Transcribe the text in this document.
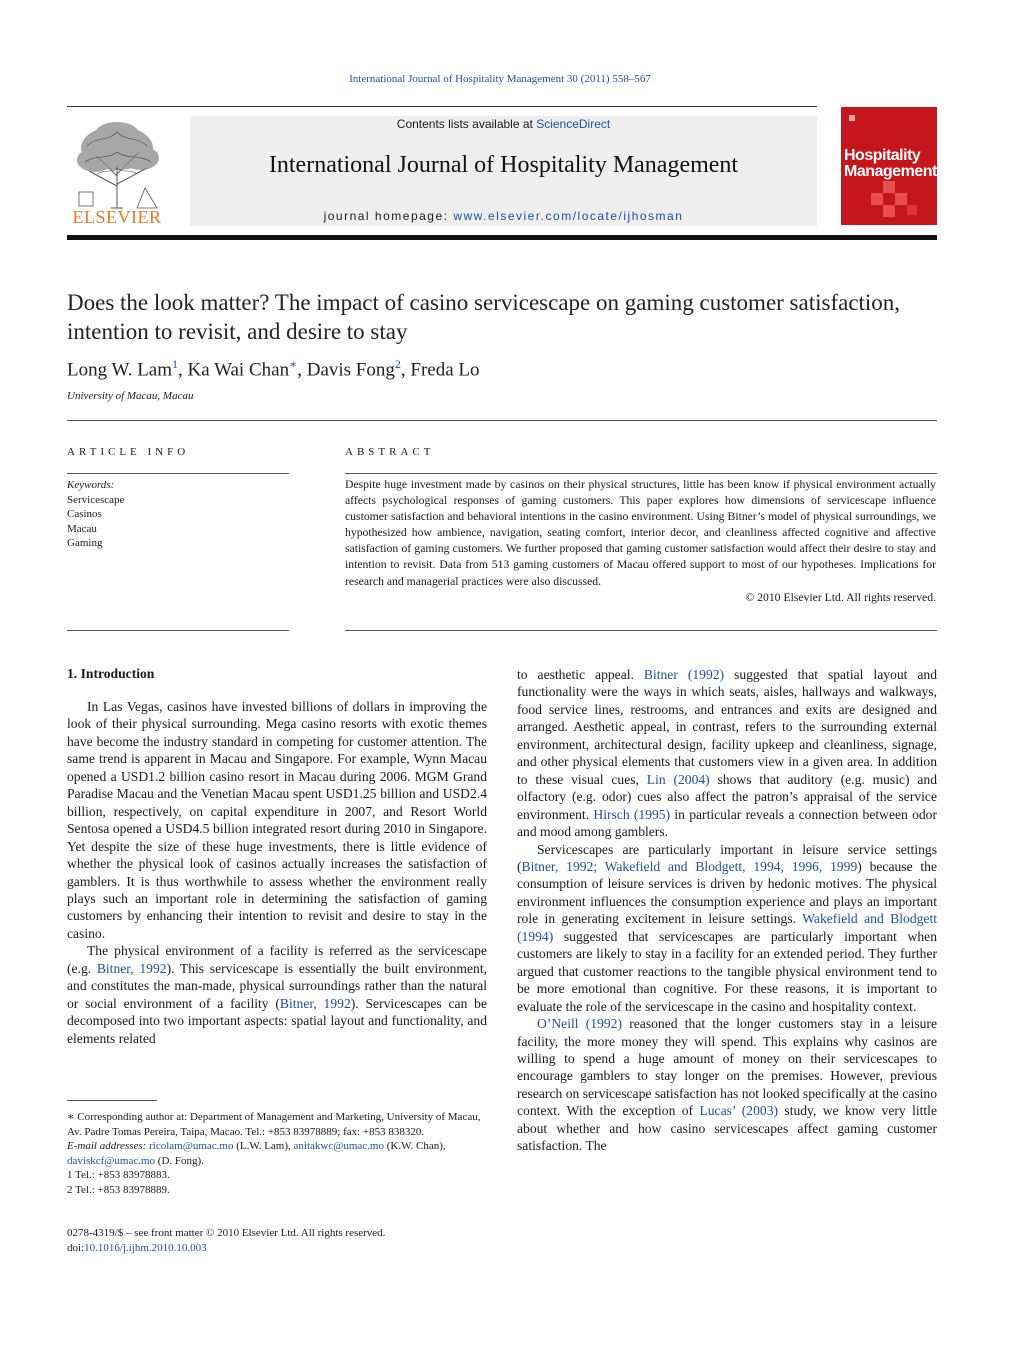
International Journal of Hospitality Management 30 (2011) 558–567
ELSEVIER
Contents lists available at ScienceDirect
International Journal of Hospitality Management
journal homepage: www.elsevier.com/locate/ijhosman
Hospitality
Management
Does the look matter? The impact of casino servicescape on gaming customer satisfaction, intention to revisit, and desire to stay
Long W. Lam$^1$, Ka Wai Chan∗, Davis Fong$^2$, Freda Lo
University of Macau, Macau
ARTICLE INFO	ABSTRACT
Keywords:
Servicescape
Casinos
Macau
Gaming
Despite huge investment made by casinos on their physical structures, little has been know if physical environment actually affects psychological responses of gaming customers. This paper explores how dimensions of servicescape influence customer satisfaction and behavioral intentions in the casino environment. Using Bitner’s model of physical surroundings, we hypothesized how ambience, navigation, seating comfort, interior decor, and cleanliness affected cognitive and affective satisfaction of gaming customers. We further proposed that gaming customer satisfaction would affect their desire to stay and intention to revisit. Data from 513 gaming customers of Macau offered support to most of our hypotheses. Implications for research and managerial practices were also discussed.
© 2010 Elsevier Ltd. All rights reserved.
1. Introduction

In Las Vegas, casinos have invested billions of dollars in improving the look of their physical surrounding. Mega casino resorts with exotic themes have become the industry standard in competing for customer attention. The same trend is apparent in Macau and Singapore. For example, Wynn Macau opened a USD1.2 billion casino resort in Macau during 2006. MGM Grand Paradise Macau and the Venetian Macau spent USD1.25 billion and USD2.4 billion, respectively, on capital expenditure in 2007, and Resort World Sentosa opened a USD4.5 billion integrated resort during 2010 in Singapore. Yet despite the size of these huge investments, there is little evidence of whether the physical look of casinos actually increases the satisfaction of gamblers. It is thus worthwhile to assess whether the environment really plays such an important role in determining the satisfaction of gaming customers by enhancing their intention to revisit and desire to stay in the casino.

The physical environment of a facility is referred as the servicescape (e.g. Bitner, 1992). This servicescape is essentially the built environment, and constitutes the man-made, physical surroundings rather than the natural or social environment of a facility (Bitner, 1992). Servicescapes can be decomposed into two important aspects: spatial layout and functionality, and elements related

to aesthetic appeal. Bitner (1992) suggested that spatial layout and functionality were the ways in which seats, aisles, hallways and walkways, food service lines, restrooms, and entrances and exits are designed and arranged. Aesthetic appeal, in contrast, refers to the surrounding external environment, architectural design, facility upkeep and cleanliness, signage, and other physical elements that customers view in a given area. In addition to these visual cues, Lin (2004) shows that auditory (e.g. music) and olfactory (e.g. odor) cues also affect the patron’s appraisal of the service environment. Hirsch (1995) in particular reveals a connection between odor and mood among gamblers.

Servicescapes are particularly important in leisure service settings (Bitner, 1992; Wakefield and Blodgett, 1994, 1996, 1999) because the consumption of leisure services is driven by hedonic motives. The physical environment influences the consumption experience and plays an important role in generating excitement in leisure settings. Wakefield and Blodgett (1994) suggested that servicescapes are particularly important when customers are likely to stay in a facility for an extended period. They further argued that customer reactions to the tangible physical environment tend to be more emotional than cognitive. For these reasons, it is important to evaluate the role of the servicescape in the casino and hospitality context.

O’Neill (1992) reasoned that the longer customers stay in a leisure facility, the more money they will spend. This explains why casinos are willing to spend a huge amount of money on their servicescapes to encourage gamblers to stay longer on the premises. However, previous research on servicescape satisfaction has not looked specifically at the casino context. With the exception of Lucas’ (2003) study, we know very little about whether and how casino servicescapes affect gaming customer satisfaction. The

∗ Corresponding author at: Department of Management and Marketing, University of Macau, Av. Padre Tomas Pereira, Taipa, Macao. Tel.: +853 83978889; fax: +853 838320.
E-mail addresses: ricolam@umac.mo (L.W. Lam), anitakwc@umac.mo (K.W. Chan), daviskcf@umac.mo (D. Fong).
1 Tel.: +853 83978883.
2 Tel.: +853 83978889.
0278-4319/$ – see front matter © 2010 Elsevier Ltd. All rights reserved.
doi:10.1016/j.ijhm.2010.10.003
